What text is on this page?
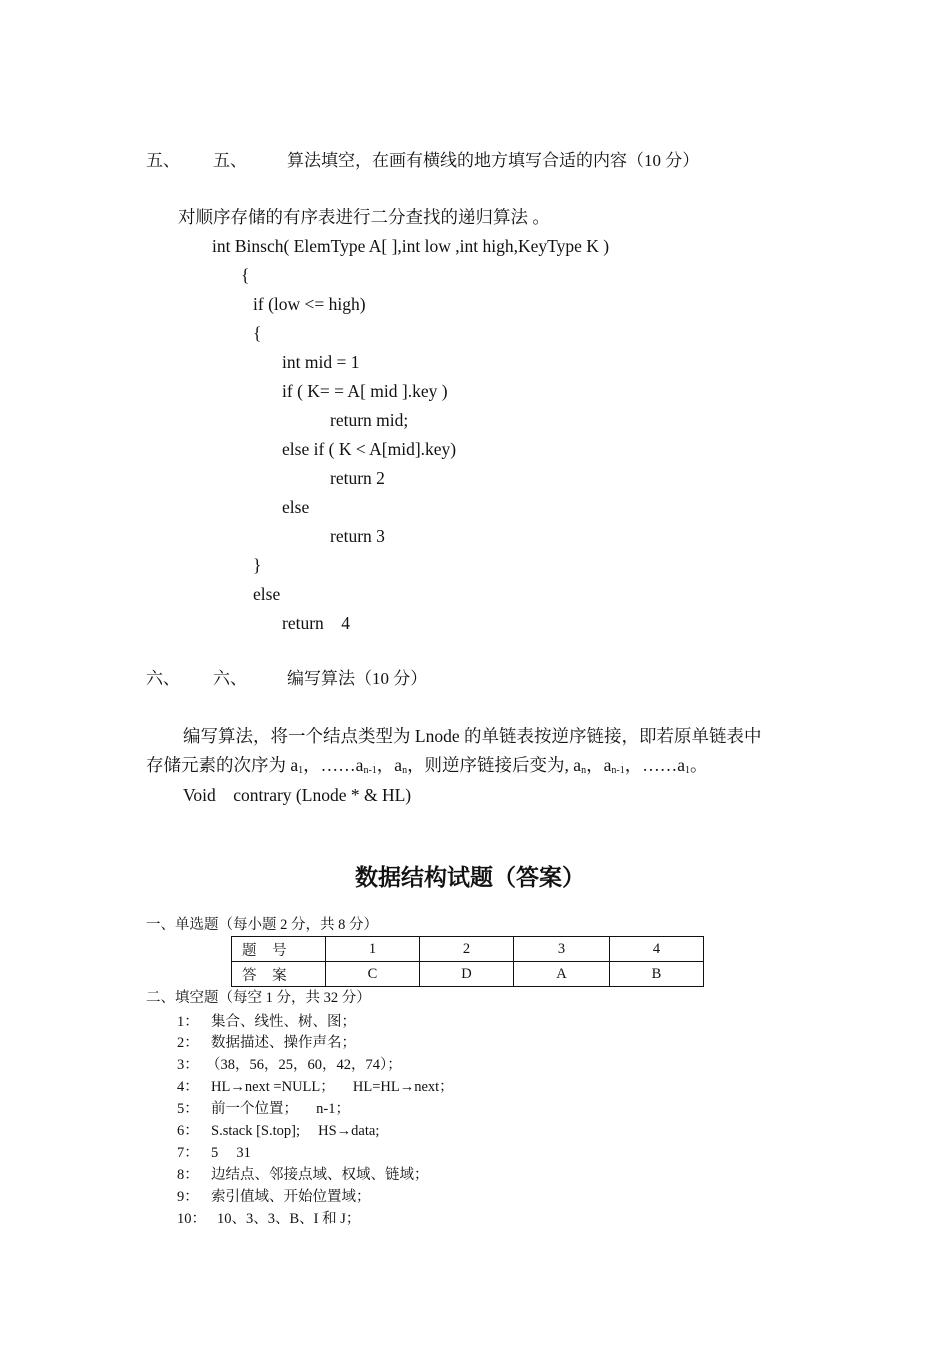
五、 五、 算法填空，在画有横线的地方填写合适的内容（10 分）
对顺序存储的有序表进行二分查找的递归算法 。
int Binsch( ElemType A[ ],int low ,int high,KeyType K )
{
if (low <= high)
{
int mid = 1
if ( K= = A[ mid ].key )
return mid;
else if ( K < A[mid].key)
return 2
else
return 3
}
else
return    4
六、 六、 编写算法（10 分）
编写算法，将一个结点类型为 Lnode 的单链表按逆序链接，即若原单链表中
存储元素的次序为 $a_1$，$\dots\dots a_{n-1}$，$a_n$，则逆序链接后变为, $a_n$，$a_{n-1}$，$\dots\dots a_1$。
Void    contrary (Lnode * & HL)
数据结构试题（答案）
一、单选题（每小题 2 分，共 8 分）
题 号	1	2	3	4
答 案	C	D	A	B
二、填空题（每空 1 分，共 32 分）
1： 集合、线性、树、图；
2： 数据描述、操作声名；
3： （38，56，25，60，42，74）；
4： HL→next =NULL；     HL=HL→next；
5： 前一个位置；     n-1；
6： S.stack [S.top];     HS→data;
7： 5     31
8： 边结点、邻接点域、权域、链域；
9： 索引值域、开始位置域；
10： 10、3、3、B、I 和 J；
